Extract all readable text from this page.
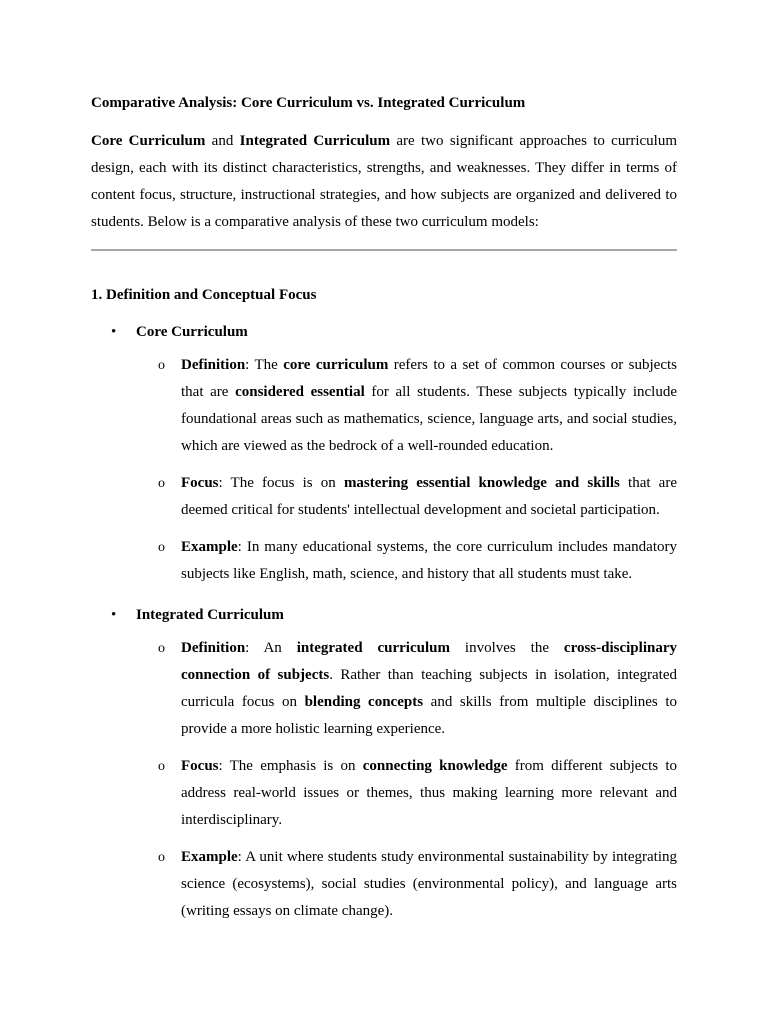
Comparative Analysis: Core Curriculum vs. Integrated Curriculum

Core Curriculum and Integrated Curriculum are two significant approaches to curriculum design, each with its distinct characteristics, strengths, and weaknesses. They differ in terms of content focus, structure, instructional strategies, and how subjects are organized and delivered to students. Below is a comparative analysis of these two curriculum models:

1. Definition and Conceptual Focus
• Core Curriculum
o Definition: The core curriculum refers to a set of common courses or subjects that are considered essential for all students. These subjects typically include foundational areas such as mathematics, science, language arts, and social studies, which are viewed as the bedrock of a well-rounded education.
o Focus: The focus is on mastering essential knowledge and skills that are deemed critical for students' intellectual development and societal participation.
o Example: In many educational systems, the core curriculum includes mandatory subjects like English, math, science, and history that all students must take.
• Integrated Curriculum
o Definition: An integrated curriculum involves the cross-disciplinary connection of subjects. Rather than teaching subjects in isolation, integrated curricula focus on blending concepts and skills from multiple disciplines to provide a more holistic learning experience.
o Focus: The emphasis is on connecting knowledge from different subjects to address real-world issues or themes, thus making learning more relevant and interdisciplinary.
o Example: A unit where students study environmental sustainability by integrating science (ecosystems), social studies (environmental policy), and language arts (writing essays on climate change).
